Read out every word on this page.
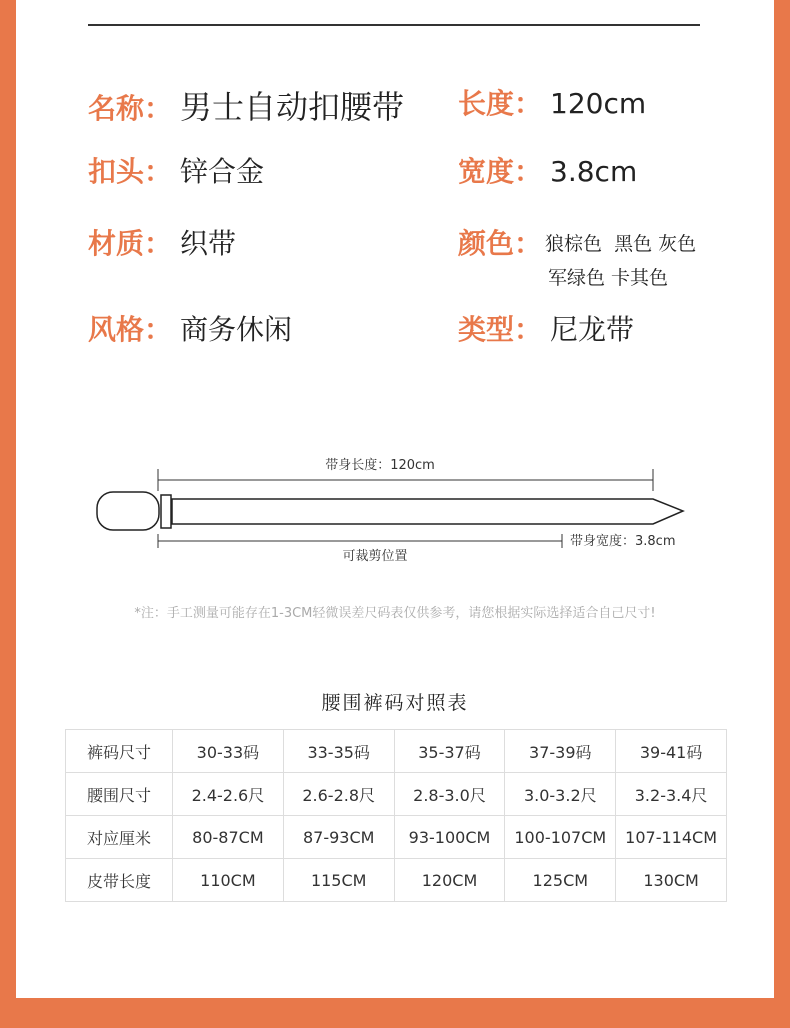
名称： 男士自动扣腰带 长度： 120cm
扣头： 锌合金	宽度： 3.8cm
材质： 织带	颜色： 狼棕色  黑色 灰色
军绿色 卡其色
风格： 商务休闲	类型： 尼龙带
带身长度：120cm
可裁剪位置
带身宽度：3.8cm
*注：手工测量可能存在1-3CM轻微误差尺码表仅供参考，请您根据实际选择适合自己尺寸!
腰围裤码对照表
裤码尺寸	30-33码	33-35码	35-37码	37-39码	39-41码
腰围尺寸	2.4-2.6尺	2.6-2.8尺	2.8-3.0尺	3.0-3.2尺	3.2-3.4尺
对应厘米	80-87CM	87-93CM	93-100CM	100-107CM	107-114CM
皮带长度	110CM	115CM	120CM	125CM	130CM
